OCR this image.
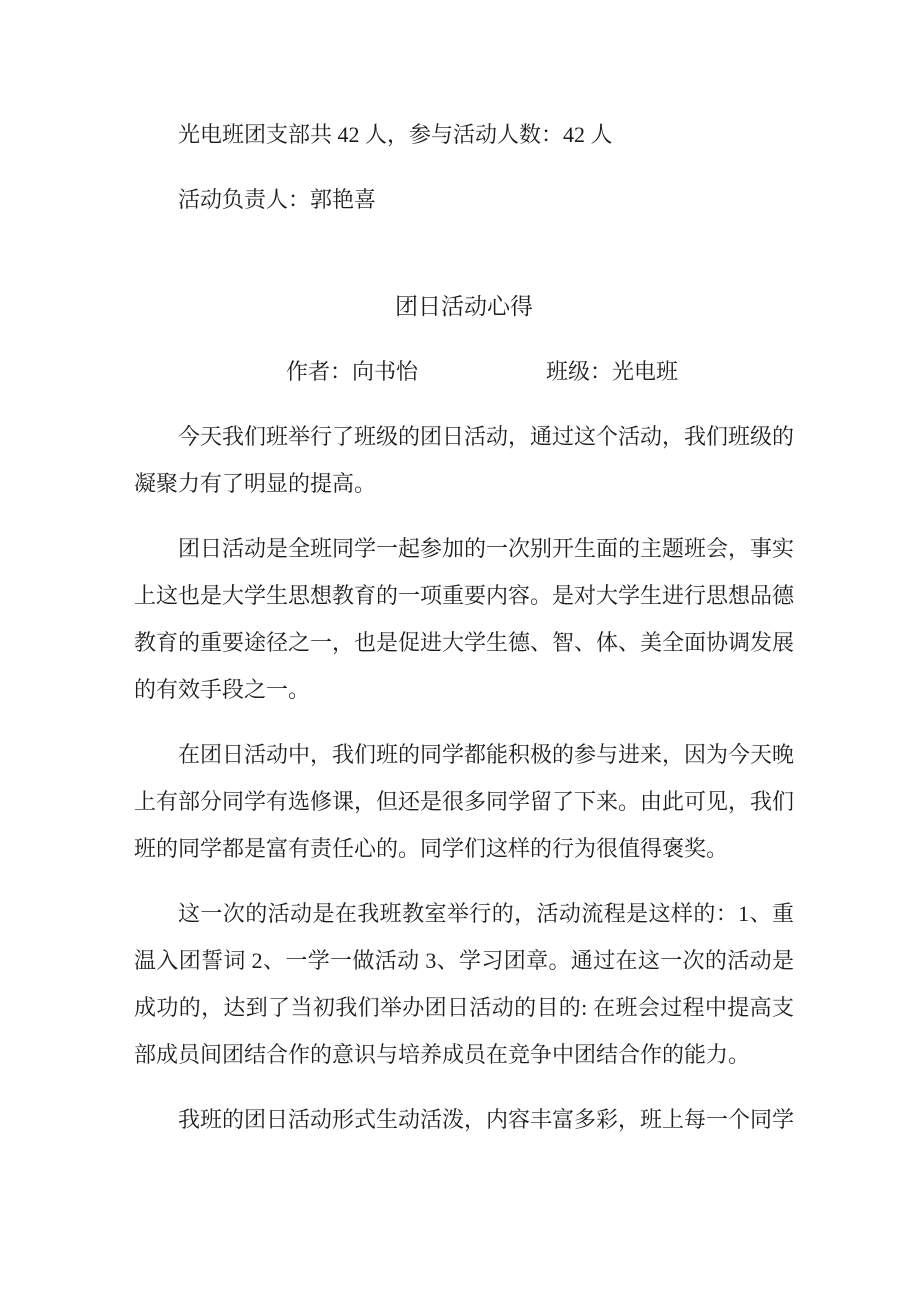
光电班团支部共 42 人，参与活动人数：42 人

活动负责人：郭艳喜

团日活动心得
作者：向书怡	班级：光电班

今天我们班举行了班级的团日活动，通过这个活动，我们班级的凝聚力有了明显的提高。

团日活动是全班同学一起参加的一次别开生面的主题班会，事实上这也是大学生思想教育的一项重要内容。是对大学生进行思想品德教育的重要途径之一，也是促进大学生德、智、体、美全面协调发展的有效手段之一。

在团日活动中，我们班的同学都能积极的参与进来，因为今天晚上有部分同学有选修课，但还是很多同学留了下来。由此可见，我们班的同学都是富有责任心的。同学们这样的行为很值得褒奖。

这一次的活动是在我班教室举行的，活动流程是这样的：1、重温入团誓词 2、一学一做活动 3、学习团章。通过在这一次的活动是成功的，达到了当初我们举办团日活动的目的: 在班会过程中提高支部成员间团结合作的意识与培养成员在竞争中团结合作的能力。

我班的团日活动形式生动活泼，内容丰富多彩，班上每一个同学
